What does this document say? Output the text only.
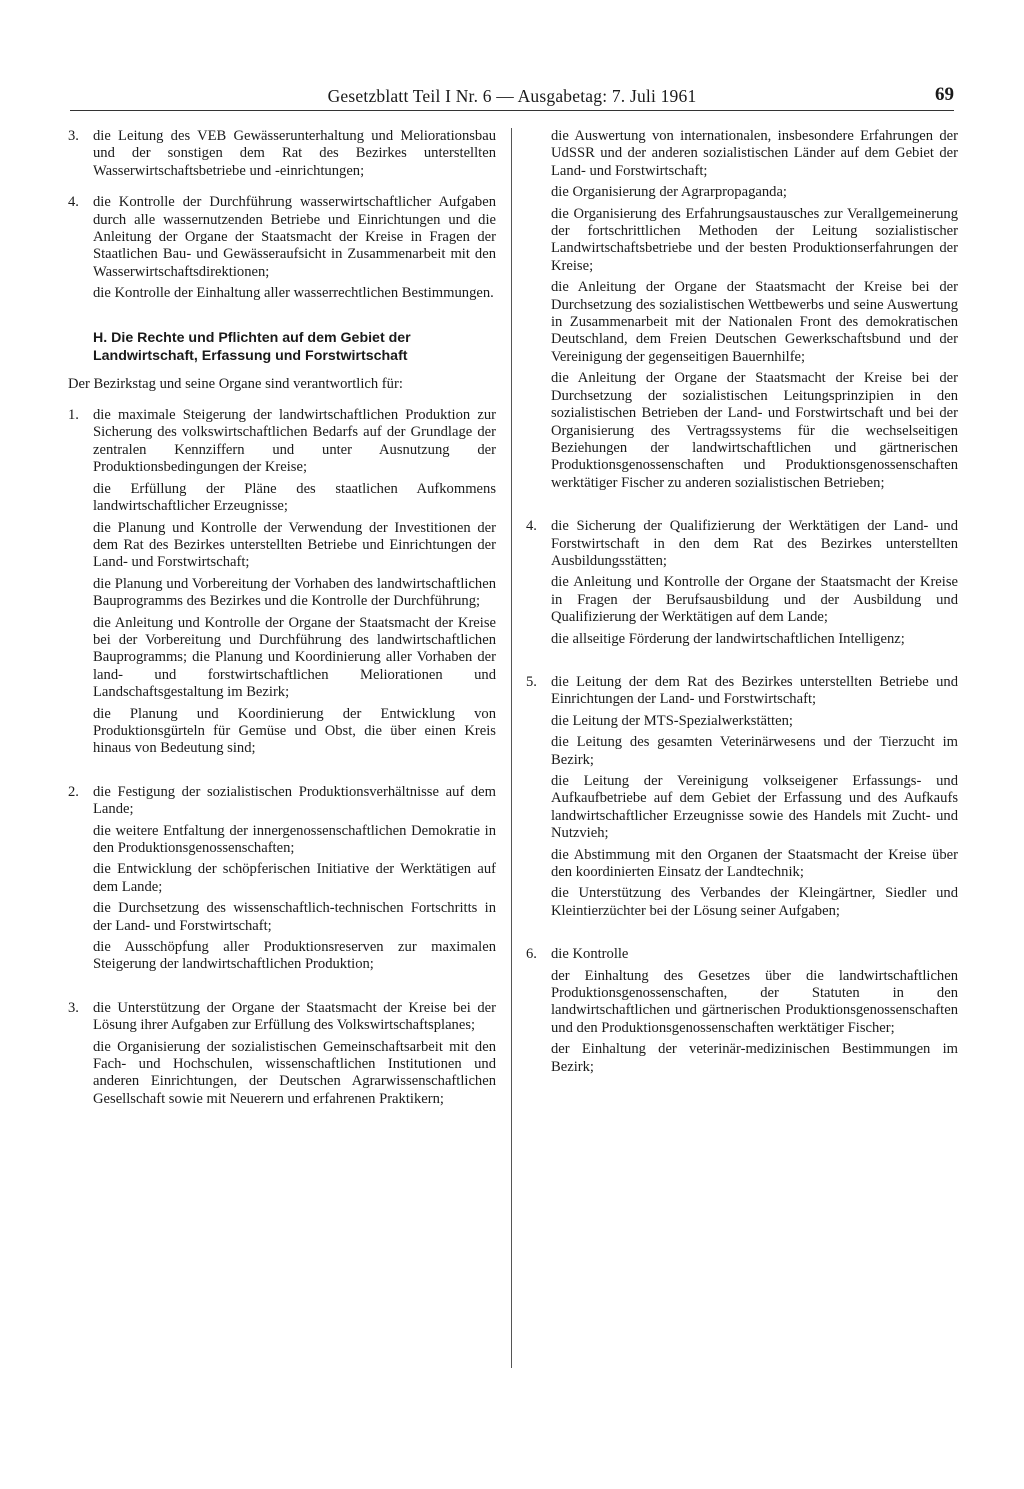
Gesetzblatt Teil I Nr. 6 — Ausgabetag: 7. Juli 1961	69
3. die Leitung des VEB Gewässerunterhaltung und Meliorationsbau und der sonstigen dem Rat des Bezirkes unterstellten Wasserwirtschaftsbetriebe und -einrichtungen;

4. die Kontrolle der Durchführung wasserwirtschaftlicher Aufgaben durch alle wassernutzenden Betriebe und Einrichtungen und die Anleitung der Organe der Staatsmacht der Kreise in Fragen der Staatlichen Bau- und Gewässeraufsicht in Zusammenarbeit mit den Wasserwirtschaftsdirektionen;

die Kontrolle der Einhaltung aller wasserrechtlichen Bestimmungen.

H. Die Rechte und Pflichten auf dem Gebiet der Landwirtschaft, Erfassung und Forstwirtschaft

Der Bezirkstag und seine Organe sind verantwortlich für:

1. die maximale Steigerung der landwirtschaftlichen Produktion zur Sicherung des volkswirtschaftlichen Bedarfs auf der Grundlage der zentralen Kennziffern und unter Ausnutzung der Produktionsbedingungen der Kreise;

die Erfüllung der Pläne des staatlichen Aufkommens landwirtschaftlicher Erzeugnisse;

die Planung und Kontrolle der Verwendung der Investitionen der dem Rat des Bezirkes unterstellten Betriebe und Einrichtungen der Land- und Forstwirtschaft;

die Planung und Vorbereitung der Vorhaben des landwirtschaftlichen Bauprogramms des Bezirkes und die Kontrolle der Durchführung;

die Anleitung und Kontrolle der Organe der Staatsmacht der Kreise bei der Vorbereitung und Durchführung des landwirtschaftlichen Bauprogramms; die Planung und Koordinierung aller Vorhaben der land- und forstwirtschaftlichen Meliorationen und Landschaftsgestaltung im Bezirk;

die Planung und Koordinierung der Entwicklung von Produktionsgürteln für Gemüse und Obst, die über einen Kreis hinaus von Bedeutung sind;

2. die Festigung der sozialistischen Produktionsverhältnisse auf dem Lande;

die weitere Entfaltung der innergenossenschaftlichen Demokratie in den Produktionsgenossenschaften;

die Entwicklung der schöpferischen Initiative der Werktätigen auf dem Lande;

die Durchsetzung des wissenschaftlich-technischen Fortschritts in der Land- und Forstwirtschaft;

die Ausschöpfung aller Produktionsreserven zur maximalen Steigerung der landwirtschaftlichen Produktion;

3. die Unterstützung der Organe der Staatsmacht der Kreise bei der Lösung ihrer Aufgaben zur Erfüllung des Volkswirtschaftsplanes;

die Organisierung der sozialistischen Gemeinschaftsarbeit mit den Fach- und Hochschulen, wissenschaftlichen Institutionen und anderen Einrichtungen, der Deutschen Agrarwissenschaftlichen Gesellschaft sowie mit Neuerern und erfahrenen Praktikern;

die Auswertung von internationalen, insbesondere Erfahrungen der UdSSR und der anderen sozialistischen Länder auf dem Gebiet der Land- und Forstwirtschaft;

die Organisierung der Agrarpropaganda;

die Organisierung des Erfahrungsaustausches zur Verallgemeinerung der fortschrittlichen Methoden der Leitung sozialistischer Landwirtschaftsbetriebe und der besten Produktionserfahrungen der Kreise;

die Anleitung der Organe der Staatsmacht der Kreise bei der Durchsetzung des sozialistischen Wettbewerbs und seine Auswertung in Zusammenarbeit mit der Nationalen Front des demokratischen Deutschland, dem Freien Deutschen Gewerkschaftsbund und der Vereinigung der gegenseitigen Bauernhilfe;

die Anleitung der Organe der Staatsmacht der Kreise bei der Durchsetzung der sozialistischen Leitungsprinzipien in den sozialistischen Betrieben der Land- und Forstwirtschaft und bei der Organisierung des Vertragssystems für die wechselseitigen Beziehungen der landwirtschaftlichen und gärtnerischen Produktionsgenossenschaften und Produktionsgenossenschaften werktätiger Fischer zu anderen sozialistischen Betrieben;

4. die Sicherung der Qualifizierung der Werktätigen der Land- und Forstwirtschaft in den dem Rat des Bezirkes unterstellten Ausbildungsstätten;

die Anleitung und Kontrolle der Organe der Staatsmacht der Kreise in Fragen der Berufsausbildung und der Ausbildung und Qualifizierung der Werktätigen auf dem Lande;

die allseitige Förderung der landwirtschaftlichen Intelligenz;

5. die Leitung der dem Rat des Bezirkes unterstellten Betriebe und Einrichtungen der Land- und Forstwirtschaft;

die Leitung der MTS-Spezialwerkstätten;

die Leitung des gesamten Veterinärwesens und der Tierzucht im Bezirk;

die Leitung der Vereinigung volkseigener Erfassungs- und Aufkaufbetriebe auf dem Gebiet der Erfassung und des Aufkaufs landwirtschaftlicher Erzeugnisse sowie des Handels mit Zucht- und Nutzvieh;

die Abstimmung mit den Organen der Staatsmacht der Kreise über den koordinierten Einsatz der Landtechnik;

die Unterstützung des Verbandes der Kleingärtner, Siedler und Kleintierzüchter bei der Lösung seiner Aufgaben;

6. die Kontrolle

der Einhaltung des Gesetzes über die landwirtschaftlichen Produktionsgenossenschaften, der Statuten in den landwirtschaftlichen und gärtnerischen Produktionsgenossenschaften und den Produktionsgenossenschaften werktätiger Fischer;

der Einhaltung der veterinär-medizinischen Bestimmungen im Bezirk;
